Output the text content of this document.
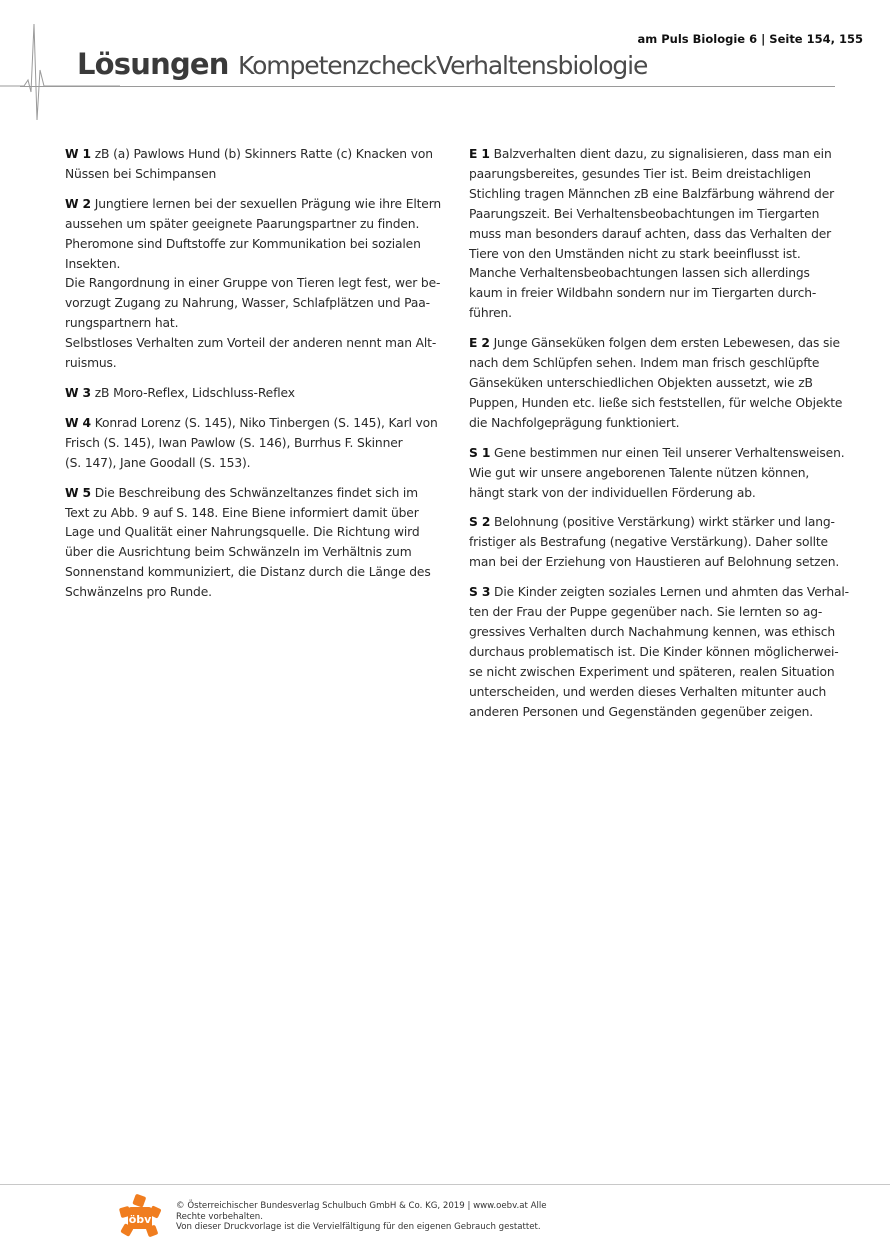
am Puls Biologie 6 | Seite 154, 155
Lösungen KompetenzcheckVerhaltensbiologie
W 1 zB (a) Pawlows Hund (b) Skinners Ratte (c) Knacken von
Nüssen bei Schimpansen
W 2 Jungtiere lernen bei der sexuellen Prägung wie ihre Eltern
aussehen um später geeignete Paarungspartner zu finden.
Pheromone sind Duftstoffe zur Kommunikation bei sozialen
Insekten.
Die Rangordnung in einer Gruppe von Tieren legt fest, wer be-
vorzugt Zugang zu Nahrung, Wasser, Schlafplätzen und Paa-
rungspartnern hat.
Selbstloses Verhalten zum Vorteil der anderen nennt man Alt-
ruismus.
W 3 zB Moro-Reflex, Lidschluss-Reflex
W 4 Konrad Lorenz (S. 145), Niko Tinbergen (S. 145), Karl von
Frisch (S. 145), Iwan Pawlow (S. 146), Burrhus F. Skinner
(S. 147), Jane Goodall (S. 153).
W 5 Die Beschreibung des Schwänzeltanzes findet sich im
Text zu Abb. 9 auf S. 148. Eine Biene informiert damit über
Lage und Qualität einer Nahrungsquelle. Die Richtung wird
über die Ausrichtung beim Schwänzeln im Verhältnis zum
Sonnenstand kommuniziert, die Distanz durch die Länge des
Schwänzelns pro Runde.
E 1 Balzverhalten dient dazu, zu signalisieren, dass man ein
paarungsbereites, gesundes Tier ist. Beim dreistachligen
Stichling tragen Männchen zB eine Balzfärbung während der
Paarungszeit. Bei Verhaltensbeobachtungen im Tiergarten
muss man besonders darauf achten, dass das Verhalten der
Tiere von den Umständen nicht zu stark beeinflusst ist.
Manche Verhaltensbeobachtungen lassen sich allerdings
kaum in freier Wildbahn sondern nur im Tiergarten durch-
führen.
E 2 Junge Gänseküken folgen dem ersten Lebewesen, das sie
nach dem Schlüpfen sehen. Indem man frisch geschlüpfte
Gänseküken unterschiedlichen Objekten aussetzt, wie zB
Puppen, Hunden etc. ließe sich feststellen, für welche Objekte
die Nachfolgeprägung funktioniert.
S 1 Gene bestimmen nur einen Teil unserer Verhaltensweisen.
Wie gut wir unsere angeborenen Talente nützen können,
hängt stark von der individuellen Förderung ab.
S 2 Belohnung (positive Verstärkung) wirkt stärker und lang-
fristiger als Bestrafung (negative Verstärkung). Daher sollte
man bei der Erziehung von Haustieren auf Belohnung setzen.
S 3 Die Kinder zeigten soziales Lernen und ahmten das Verhal-
ten der Frau der Puppe gegenüber nach. Sie lernten so ag-
gressives Verhalten durch Nachahmung kennen, was ethisch
durchaus problematisch ist. Die Kinder können möglicherwei-
se nicht zwischen Experiment und späteren, realen Situation
unterscheiden, und werden dieses Verhalten mitunter auch
anderen Personen und Gegenständen gegenüber zeigen.
öbv
© Österreichischer Bundesverlag Schulbuch GmbH & Co. KG, 2019 | www.oebv.at Alle
Rechte vorbehalten.
Von dieser Druckvorlage ist die Vervielfältigung für den eigenen Gebrauch gestattet.
